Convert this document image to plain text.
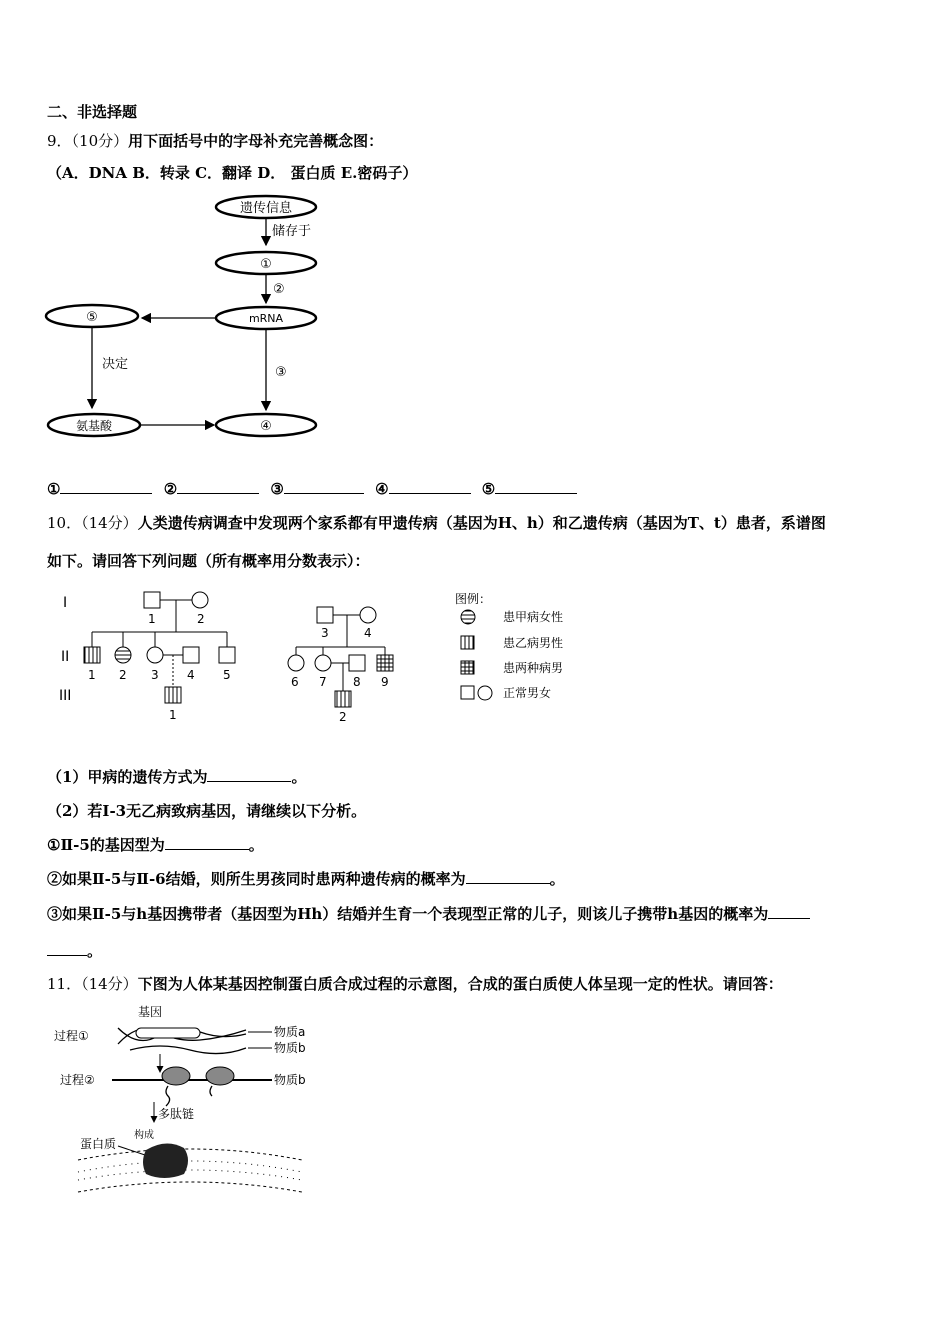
二、非选择题
9．（10分）用下面括号中的字母补充完善概念图：
（A．DNA B．转录 C．翻译 D． 蛋白质 E.密码子）
遗传信息
储存于
①
②
mRNA
⑤
决定
③
氨基酸	④
①	②	③	④	⑤
10．（14分）人类遗传病调查中发现两个家系都有甲遗传病（基因为H、h）和乙遗传病（基因为T、t）患者，系谱图
如下。请回答下列问题（所有概率用分数表示）：
I
II
III
1	2
1 2 3 4 5
1
3	4
6 7 8 9
2
图例：
患甲病女性
患乙病男性
患两种病男
正常男女
（1）甲病的遗传方式为	。
（2）若I-3无乙病致病基因，请继续以下分析。
①Ⅱ-5的基因型为	。
②如果Ⅱ-5与Ⅱ-6结婚，则所生男孩同时患两种遗传病的概率为	。
③如果Ⅱ-5与h基因携带者（基因型为Hh）结婚并生育一个表现型正常的儿子，则该儿子携带h基因的概率为
。
11．（14分）下图为人体某基因控制蛋白质合成过程的示意图，合成的蛋白质使人体呈现一定的性状。请回答：
基因
过程①	物质a
物质b
过程②	物质b
多肽链
构成
蛋白质
